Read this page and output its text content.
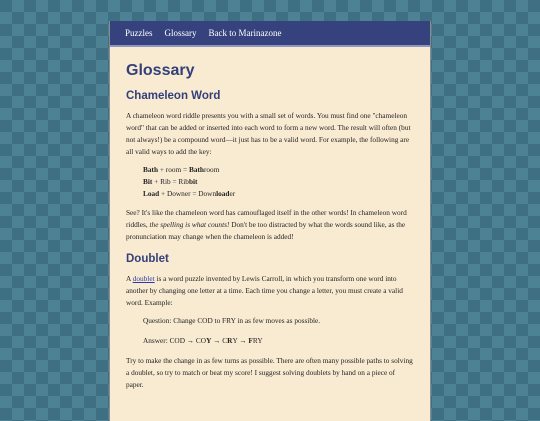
Puzzles Glossary Back to Marinazone
Glossary
Chameleon Word

A chameleon word riddle presents you with a small set of words. You must find one "chameleon word" that can be added or inserted into each word to form a new word. The result will often (but not always!) be a compound word—it just has to be a valid word. For example, the following are all valid ways to add the key:

Bath + room = Bathroom
Bit + Rib = Ribbit
Load + Downer = Downloader

See? It's like the chameleon word has camouflaged itself in the other words! In chameleon word riddles, the spelling is what counts! Don't be too distracted by what the words sound like, as the pronunciation may change when the chameleon is added!

Doublet

A doublet is a word puzzle invented by Lewis Carroll, in which you transform one word into another by changing one letter at a time. Each time you change a letter, you must create a valid word. Example:

Question: Change COD to FRY in as few moves as possible.
Answer: COD → COY → CRY → FRY

Try to make the change in as few turns as possible. There are often many possible paths to solving a doublet, so try to match or beat my score! I suggest solving doublets by hand on a piece of paper.
